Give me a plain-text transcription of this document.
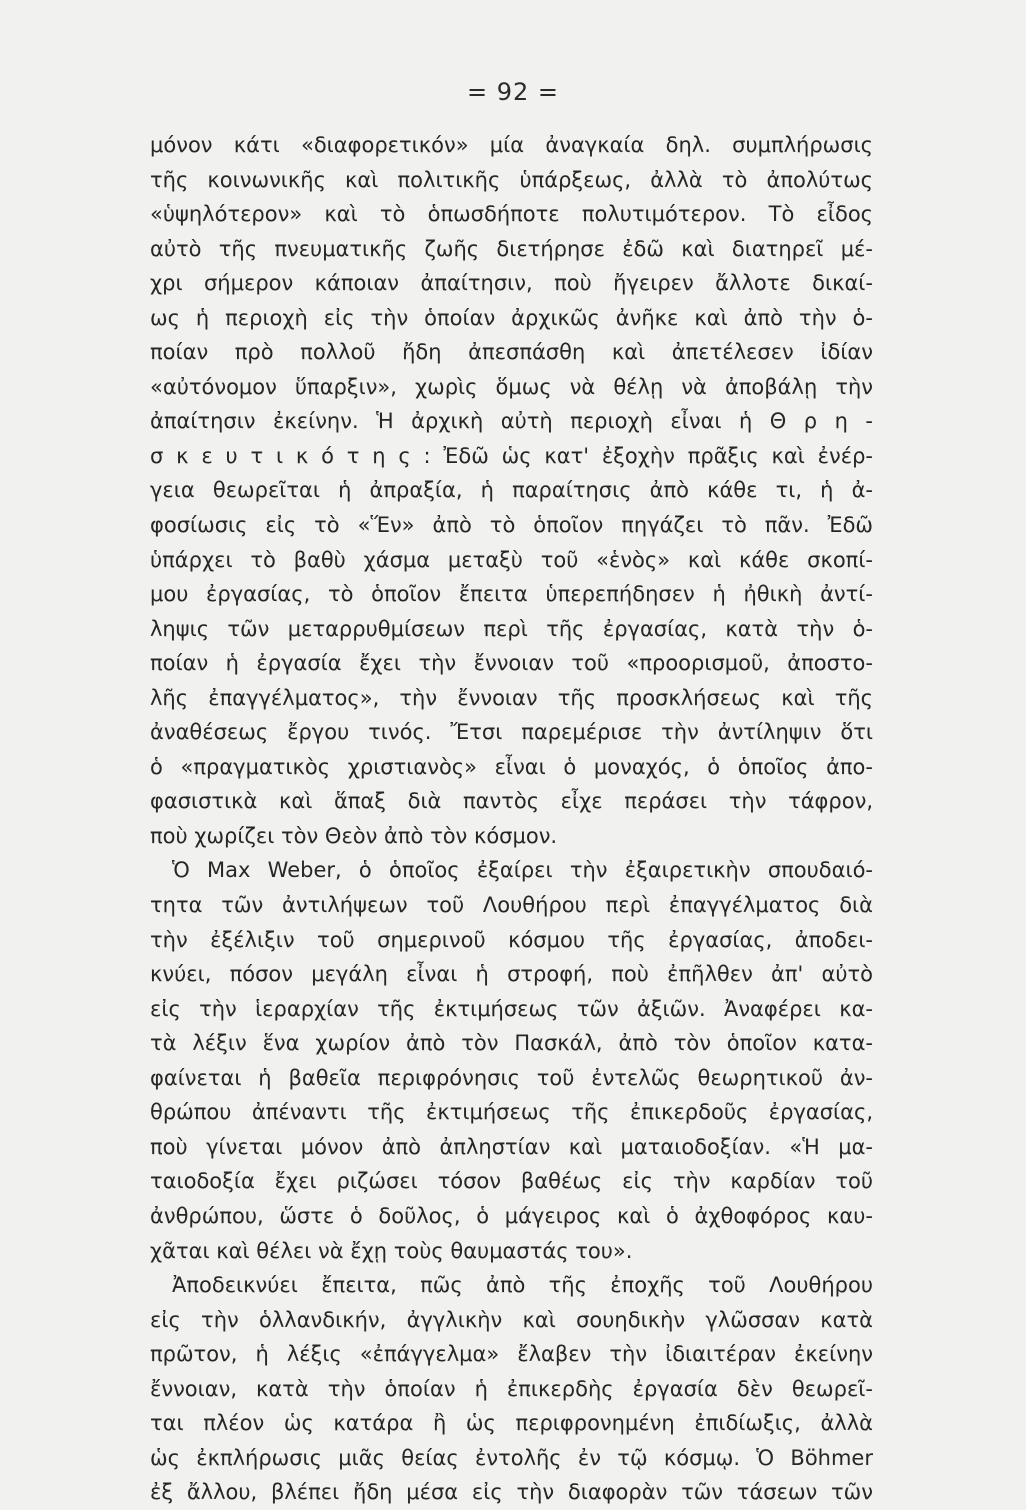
= 92 =
μόνον κάτι «διαφορετικόν» μία ἀναγκαία δηλ. συμπλήρωσις
τῆς κοινωνικῆς καὶ πολιτικῆς ὑπάρξεως, ἀλλὰ τὸ ἀπολύτως
«ὑψηλότερον» καὶ τὸ ὁπωσδήποτε πολυτιμότερον. Τὸ εἶδος
αὐτὸ τῆς πνευματικῆς ζωῆς διετήρησε ἐδῶ καὶ διατηρεῖ μέ-
χρι σήμερον κάποιαν ἀπαίτησιν, ποὺ ἤγειρεν ἄλλοτε δικαί-
ως ἡ περιοχὴ εἰς τὴν ὁποίαν ἀρχικῶς ἀνῆκε καὶ ἀπὸ τὴν ὁ-
ποίαν πρὸ πολλοῦ ἤδη ἀπεσπάσθη καὶ ἀπετέλεσεν ἰδίαν
«αὐτόνομον ὕπαρξιν», χωρὶς ὅμως νὰ θέλῃ νὰ ἀποβάλῃ τὴν
ἀπαίτησιν ἐκείνην. Ἡ ἀρχικὴ αὐτὴ περιοχὴ εἶναι ἡ Θ ρ η -
σ κ ε υ τ ι κ ό τ η ς : Ἐδῶ ὡς κατ' ἐξοχὴν πρᾶξις καὶ ἐνέρ-
γεια θεωρεῖται ἡ ἀπραξία, ἡ παραίτησις ἀπὸ κάθε τι, ἡ ἀ-
φοσίωσις εἰς τὸ «Ἕν» ἀπὸ τὸ ὁποῖον πηγάζει τὸ πᾶν. Ἐδῶ
ὑπάρχει τὸ βαθὺ χάσμα μεταξὺ τοῦ «ἑνὸς» καὶ κάθε σκοπί-
μου ἐργασίας, τὸ ὁποῖον ἔπειτα ὑπερεπήδησεν ἡ ἠθικὴ ἀντί-
ληψις τῶν μεταρρυθμίσεων περὶ τῆς ἐργασίας, κατὰ τὴν ὁ-
ποίαν ἡ ἐργασία ἔχει τὴν ἔννοιαν τοῦ «προορισμοῦ, ἀποστο-
λῆς ἐπαγγέλματος», τὴν ἔννοιαν τῆς προσκλήσεως καὶ τῆς
ἀναθέσεως ἔργου τινός. Ἔτσι παρεμέρισε τὴν ἀντίληψιν ὅτι
ὁ «πραγματικὸς χριστιανὸς» εἶναι ὁ μοναχός, ὁ ὁποῖος ἀπο-
φασιστικὰ καὶ ἅπαξ διὰ παντὸς εἶχε περάσει τὴν τάφρον,
ποὺ χωρίζει τὸν Θεὸν ἀπὸ τὸν κόσμον.
Ὁ Max Weber, ὁ ὁποῖος ἐξαίρει τὴν ἐξαιρετικὴν σπουδαιό-
τητα τῶν ἀντιλήψεων τοῦ Λουθήρου περὶ ἐπαγγέλματος διὰ
τὴν ἐξέλιξιν τοῦ σημερινοῦ κόσμου τῆς ἐργασίας, ἀποδει-
κνύει, πόσον μεγάλη εἶναι ἡ στροφή, ποὺ ἐπῆλθεν ἀπ' αὐτὸ
εἰς τὴν ἱεραρχίαν τῆς ἐκτιμήσεως τῶν ἀξιῶν. Ἀναφέρει κα-
τὰ λέξιν ἕνα χωρίον ἀπὸ τὸν Πασκάλ, ἀπὸ τὸν ὁποῖον κατα-
φαίνεται ἡ βαθεῖα περιφρόνησις τοῦ ἐντελῶς θεωρητικοῦ ἀν-
θρώπου ἀπέναντι τῆς ἐκτιμήσεως τῆς ἐπικερδοῦς ἐργασίας,
ποὺ γίνεται μόνον ἀπὸ ἀπληστίαν καὶ ματαιοδοξίαν. «Ἡ μα-
ταιοδοξία ἔχει ριζώσει τόσον βαθέως εἰς τὴν καρδίαν τοῦ
ἀνθρώπου, ὥστε ὁ δοῦλος, ὁ μάγειρος καὶ ὁ ἀχθοφόρος καυ-
χᾶται καὶ θέλει νὰ ἔχῃ τοὺς θαυμαστάς του».
Ἀποδεικνύει ἔπειτα, πῶς ἀπὸ τῆς ἐποχῆς τοῦ Λουθήρου
εἰς τὴν ὁλλανδικήν, ἀγγλικὴν καὶ σουηδικὴν γλῶσσαν κατὰ
πρῶτον, ἡ λέξις «ἐπάγγελμα» ἔλαβεν τὴν ἰδιαιτέραν ἐκείνην
ἔννοιαν, κατὰ τὴν ὁποίαν ἡ ἐπικερδὴς ἐργασία δὲν θεωρεῖ-
ται πλέον ὡς κατάρα ἢ ὡς περιφρονημένη ἐπιδίωξις, ἀλλὰ
ὡς ἐκπλήρωσις μιᾶς θείας ἐντολῆς ἐν τῷ κόσμῳ. Ὁ Böhmer
ἐξ ἄλλου, βλέπει ἤδη μέσα εἰς τὴν διαφορὰν τῶν τάσεων τῶν
